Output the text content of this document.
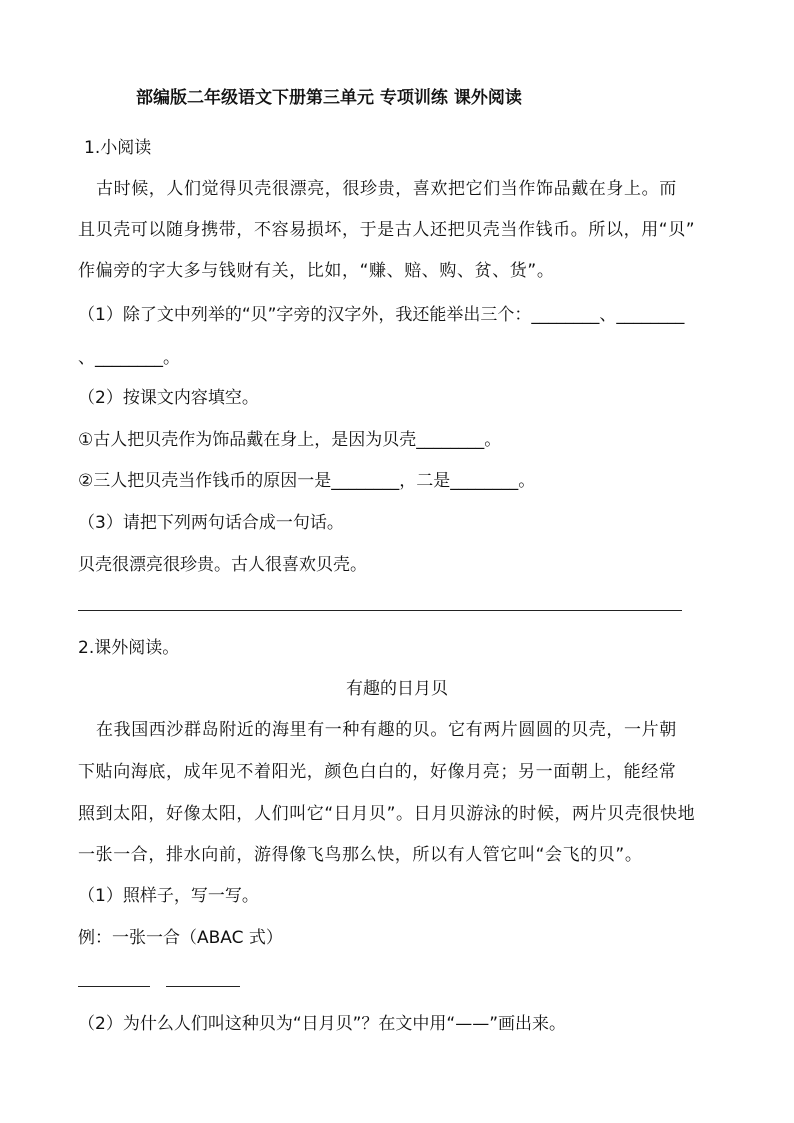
部编版二年级语文下册第三单元 专项训练 课外阅读
1.小阅读
古时候，人们觉得贝壳很漂亮，很珍贵，喜欢把它们当作饰品戴在身上。而
且贝壳可以随身携带，不容易损坏，于是古人还把贝壳当作钱币。所以，用“贝”
作偏旁的字大多与钱财有关，比如，“赚、赔、购、贫、货”。
（1）除了文中列举的“贝”字旁的汉字外，我还能举出三个：________、________
、________。
（2）按课文内容填空。
①古人把贝壳作为饰品戴在身上，是因为贝壳________。
②三人把贝壳当作钱币的原因一是________，二是________。
（3）请把下列两句话合成一句话。
贝壳很漂亮很珍贵。古人很喜欢贝壳。
2.课外阅读。
有趣的日月贝
在我国西沙群岛附近的海里有一种有趣的贝。它有两片圆圆的贝壳，一片朝
下贴向海底，成年见不着阳光，颜色白白的，好像月亮；另一面朝上，能经常
照到太阳，好像太阳，人们叫它“日月贝”。日月贝游泳的时候，两片贝壳很快地
一张一合，排水向前，游得像飞鸟那么快，所以有人管它叫“会飞的贝”。
（1）照样子，写一写。
例：一张一合（ABAC 式）
（2）为什么人们叫这种贝为“日月贝”？在文中用“——”画出来。
